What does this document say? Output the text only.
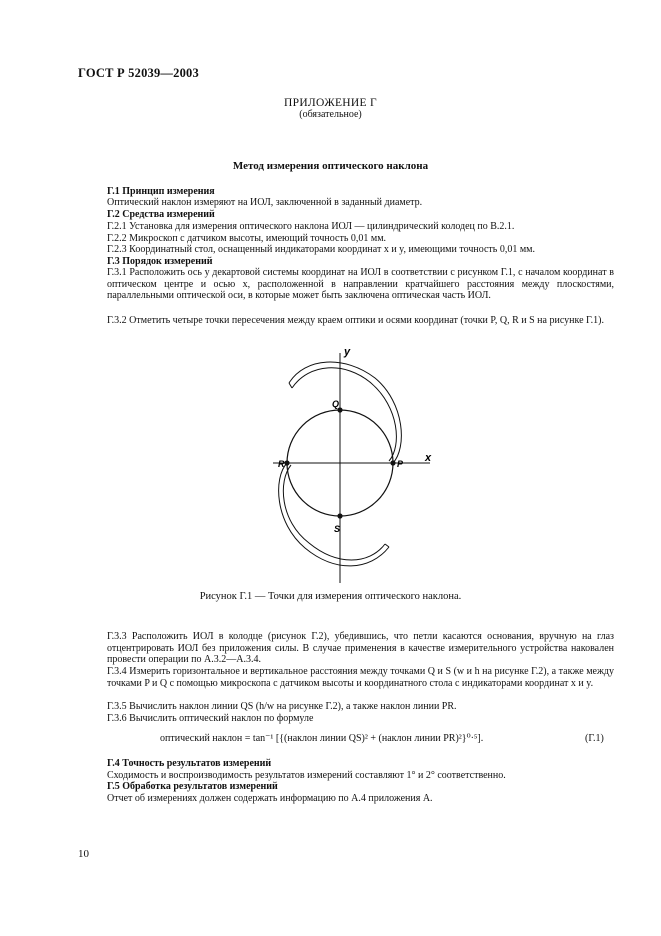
ГОСТ Р 52039—2003
ПРИЛОЖЕНИЕ Г
(обязательное)
Метод измерения оптического наклона
Г.1 Принцип измерения
Оптический наклон измеряют на ИОЛ, заключенной в заданный диаметр.
Г.2 Средства измерений
Г.2.1 Установка для измерения оптического наклона ИОЛ — цилиндрический колодец по В.2.1.
Г.2.2 Микроскоп с датчиком высоты, имеющий точность 0,01 мм.
Г.2.3 Координатный стол, оснащенный индикаторами координат x и y, имеющими точность 0,01 мм.
Г.3 Порядок измерений
Г.3.1 Расположить ось y декартовой системы координат на ИОЛ в соответствии с рисунком Г.1, с началом координат в оптическом центре и осью x, расположенной в направлении кратчайшего расстояния между плоскостями, параллельными оптической оси, в которые может быть заключена оптическая часть ИОЛ.
Г.3.2 Отметить четыре точки пересечения между краем оптики и осями координат (точки P, Q, R и S на рисунке Г.1).
y
x
Q
R	P
S
Рисунок Г.1 — Точки для измерения оптического наклона.
Г.3.3 Расположить ИОЛ в колодце (рисунок Г.2), убедившись, что петли касаются основания, вручную на глаз отцентрировать ИОЛ без приложения силы. В случае применения в качестве измерительного устройства наковален провести операции по А.3.2—А.3.4.
Г.3.4 Измерить горизонтальное и вертикальное расстояния между точками Q и S (w и h на рисунке Г.2), а также между точками P и Q с помощью микроскопа с датчиком высоты и координатного стола с индикаторами координат x и y.
Г.3.5 Вычислить наклон линии QS (h/w на рисунке Г.2), а также наклон линии PR.
Г.3.6 Вычислить оптический наклон по формуле
оптический наклон = tan⁻¹ [{(наклон линии QS)² + (наклон линии PR)²}⁰·⁵].	(Г.1)
Г.4 Точность результатов измерений
Сходимость и воспроизводимость результатов измерений составляют 1° и 2° соответственно.
Г.5 Обработка результатов измерений
Отчет об измерениях должен содержать информацию по А.4 приложения А.
10
